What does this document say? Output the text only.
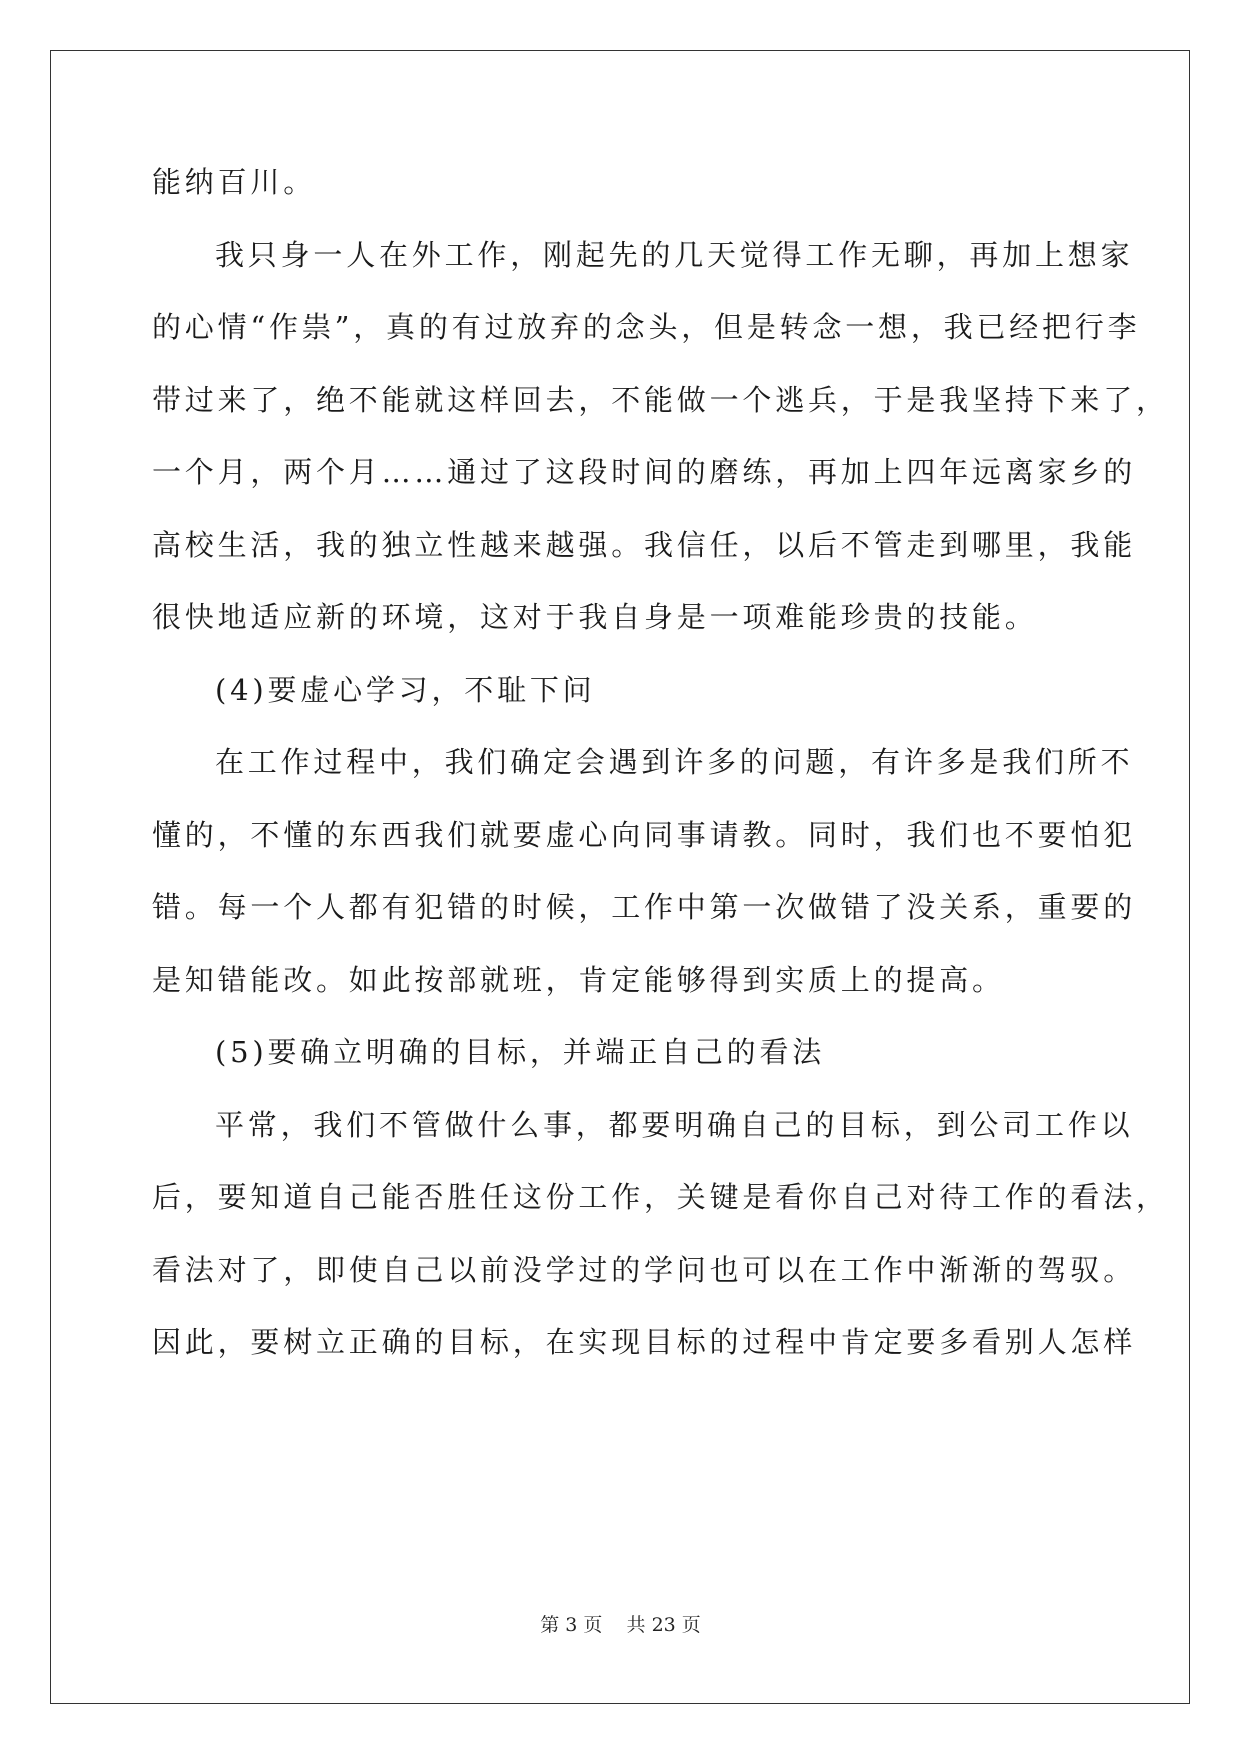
能纳百川。
我只身一人在外工作，刚起先的几天觉得工作无聊，再加上想家
的心情“作祟”，真的有过放弃的念头，但是转念一想，我已经把行李
带过来了，绝不能就这样回去，不能做一个逃兵，于是我坚持下来了，
一个月，两个月……通过了这段时间的磨练，再加上四年远离家乡的
高校生活，我的独立性越来越强。我信任，以后不管走到哪里，我能
很快地适应新的环境，这对于我自身是一项难能珍贵的技能。
(4)要虚心学习，不耻下问
在工作过程中，我们确定会遇到许多的问题，有许多是我们所不
懂的，不懂的东西我们就要虚心向同事请教。同时，我们也不要怕犯
错。每一个人都有犯错的时候，工作中第一次做错了没关系，重要的
是知错能改。如此按部就班，肯定能够得到实质上的提高。
(5)要确立明确的目标，并端正自己的看法
平常，我们不管做什么事，都要明确自己的目标，到公司工作以
后，要知道自己能否胜任这份工作，关键是看你自己对待工作的看法，
看法对了，即使自己以前没学过的学问也可以在工作中渐渐的驾驭。
因此，要树立正确的目标，在实现目标的过程中肯定要多看别人怎样
第 3 页    共 23 页
